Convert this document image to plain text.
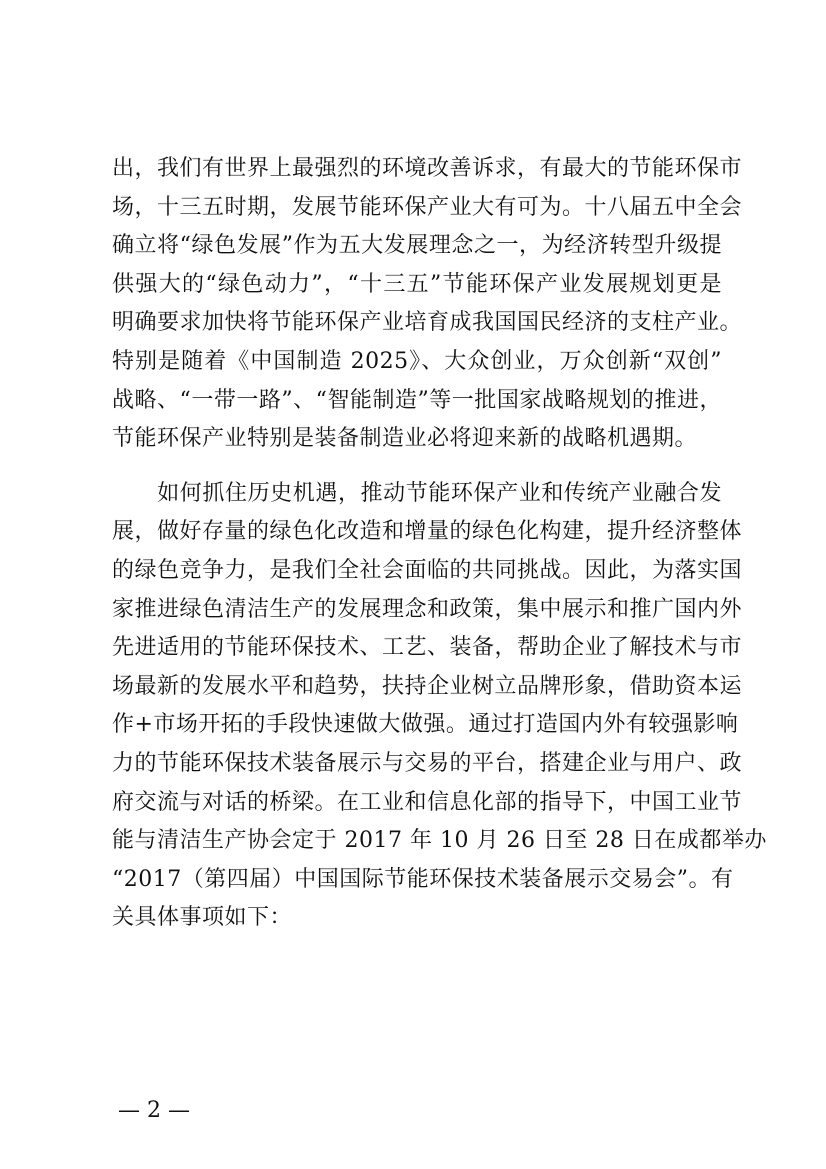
出，我们有世界上最强烈的环境改善诉求，有最大的节能环保市
场，十三五时期，发展节能环保产业大有可为。十八届五中全会
确立将“绿色发展”作为五大发展理念之一，为经济转型升级提
供强大的“绿色动力”，“十三五”节能环保产业发展规划更是
明确要求加快将节能环保产业培育成我国国民经济的支柱产业。
特别是随着《中国制造 2025》、大众创业，万众创新“双创”
战略、“一带一路”、“智能制造”等一批国家战略规划的推进，
节能环保产业特别是装备制造业必将迎来新的战略机遇期。
　　如何抓住历史机遇，推动节能环保产业和传统产业融合发
展，做好存量的绿色化改造和增量的绿色化构建，提升经济整体
的绿色竞争力，是我们全社会面临的共同挑战。因此，为落实国
家推进绿色清洁生产的发展理念和政策，集中展示和推广国内外
先进适用的节能环保技术、工艺、装备，帮助企业了解技术与市
场最新的发展水平和趋势，扶持企业树立品牌形象，借助资本运
作+市场开拓的手段快速做大做强。通过打造国内外有较强影响
力的节能环保技术装备展示与交易的平台，搭建企业与用户、政
府交流与对话的桥梁。在工业和信息化部的指导下，中国工业节
能与清洁生产协会定于 2017 年 10 月 26 日至 28 日在成都举办
“2017（第四届）中国国际节能环保技术装备展示交易会”。有
关具体事项如下：
— 2 —
